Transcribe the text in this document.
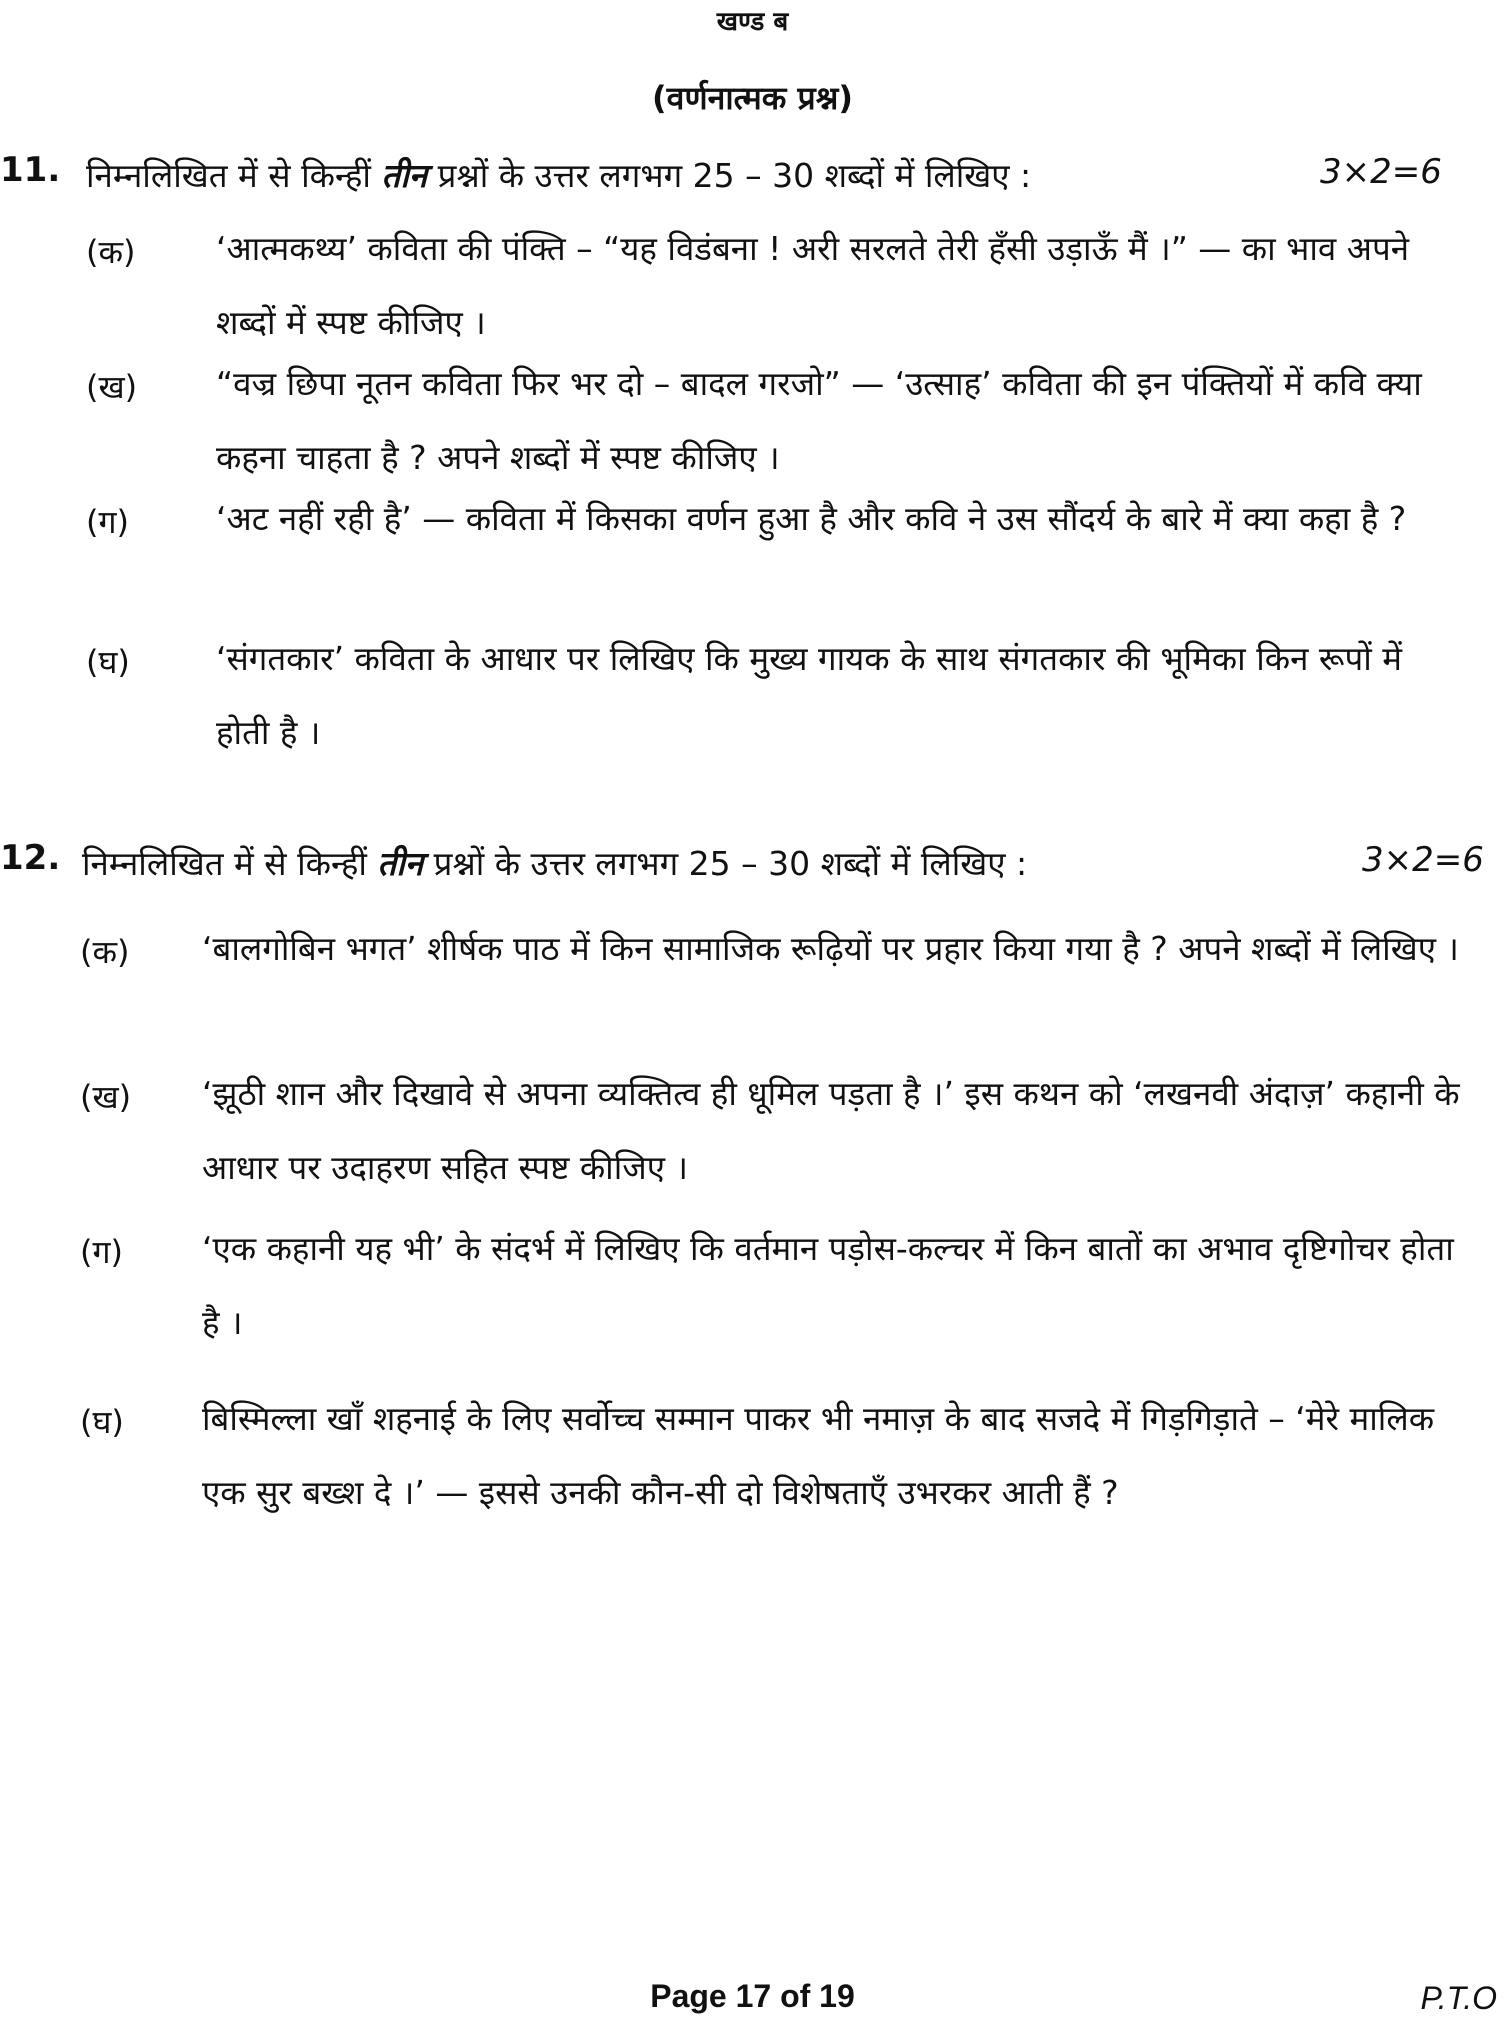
खण्ड ब
(वर्णनात्मक प्रश्न)
11. निम्नलिखित में से किन्हीं तीन प्रश्नों के उत्तर लगभग 25 – 30 शब्दों में लिखिए :	3×2=6
(क) ‘आत्मकथ्य’ कविता की पंक्ति – “यह विडंबना ! अरी सरलते तेरी हँसी उड़ाऊँ मैं ।” — का भाव अपने शब्दों में स्पष्ट कीजिए ।
(ख) “वज्र छिपा नूतन कविता फिर भर दो – बादल गरजो” — ‘उत्साह’ कविता की इन पंक्तियों में कवि क्या कहना चाहता है ? अपने शब्दों में स्पष्ट कीजिए ।
(ग)	‘अट नहीं रही है’ — कविता में किसका वर्णन हुआ है और कवि ने उस सौंदर्य के बारे में क्या कहा है ?
(घ)	‘संगतकार’ कविता के आधार पर लिखिए कि मुख्य गायक के साथ संगतकार की भूमिका किन रूपों में होती है ।
12. निम्नलिखित में से किन्हीं तीन प्रश्नों के उत्तर लगभग 25 – 30 शब्दों में लिखिए :	3×2=6
(क) ‘बालगोबिन भगत’ शीर्षक पाठ में किन सामाजिक रूढ़ियों पर प्रहार किया गया है ? अपने शब्दों में लिखिए ।
(ख) ‘झूठी शान और दिखावे से अपना व्यक्तित्व ही धूमिल पड़ता है ।’ इस कथन को ‘लखनवी अंदाज़’ कहानी के आधार पर उदाहरण सहित स्पष्ट कीजिए ।
(ग) ‘एक कहानी यह भी’ के संदर्भ में लिखिए कि वर्तमान पड़ोस-कल्चर में किन बातों का अभाव दृष्टिगोचर होता है ।
(घ) बिस्मिल्ला खाँ शहनाई के लिए सर्वोच्च सम्मान पाकर भी नमाज़ के बाद सजदे में गिड़गिड़ाते – ‘मेरे मालिक एक सुर बख्श दे ।’ — इससे उनकी कौन-सी दो विशेषताएँ उभरकर आती हैं ?
Page 17 of 19	P.T.O
